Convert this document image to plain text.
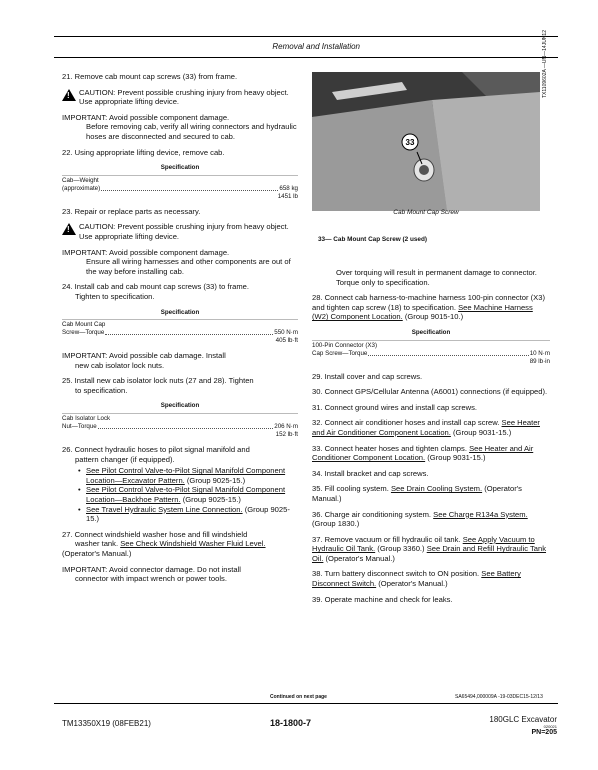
Removal and Installation
21. Remove cab mount cap screws (33) from frame.
!
CAUTION: Prevent possible crushing injury from heavy object. Use appropriate lifting device.
IMPORTANT: Avoid possible component damage.
Before removing cab, verify all wiring connectors and hydraulic hoses are disconnected and secured to cab.
22. Using appropriate lifting device, remove cab.
Specification
Cab—Weight
(approximate)	658 kg
1451 lb
23. Repair or replace parts as necessary.
!
CAUTION: Prevent possible crushing injury from heavy object. Use appropriate lifting device.
IMPORTANT: Avoid possible component damage.
Ensure all wiring harnesses and other components are out of the way before installing cab.
24. Install cab and cab mount cap screws (33) to frame.
Tighten to specification.
Specification
Cab Mount Cap
Screw—Torque	550 N·m
405 lb·ft
IMPORTANT: Avoid possible cab damage. Install
new cab isolator lock nuts.
25. Install new cab isolator lock nuts (27 and 28). Tighten
to specification.
Specification
Cab Isolator Lock
Nut—Torque	206 N·m
152 lb·ft
26. Connect hydraulic hoses to pilot signal manifold and
pattern changer (if equipped).
• See Pilot Control Valve-to-Pilot Signal Manifold Component Location—Excavator Pattern. (Group 9025-15.)
• See Pilot Control Valve-to-Pilot Signal Manifold Component Location—Backhoe Pattern. (Group 9025-15.)
• See Travel Hydraulic System Line Connection. (Group 9025-15.)
27. Connect windshield washer hose and fill windshield
washer tank. See Check Windshield Washer Fluid Level. (Operator's Manual.)
IMPORTANT: Avoid connector damage. Do not install
connector with impact wrench or power tools.
33
TX1109602A —UN—14JUN12
Cab Mount Cap Screw
33— Cab Mount Cap Screw (2 used)
Over torquing will result in permanent damage to connector. Torque only to specification.
28. Connect cab harness-to-machine harness 100-pin connector (X3) and tighten cap screw (18) to specification. See Machine Harness (W2) Component Location. (Group 9015-10.)
Specification
100-Pin Connector (X3)
Cap Screw—Torque	10 N·m
89 lb·in
29. Install cover and cap screws.
30. Connect GPS/Cellular Antenna (A6001) connections (if equipped).
31. Connect ground wires and install cap screws.
32. Connect air conditioner hoses and install cap screw. See Heater and Air Conditioner Component Location. (Group 9031-15.)
33. Connect heater hoses and tighten clamps. See Heater and Air Conditioner Component Location. (Group 9031-15.)
34. Install bracket and cap screws.
35. Fill cooling system. See Drain Cooling System. (Operator's Manual.)
36. Charge air conditioning system. See Charge R134a System. (Group 1830.)
37. Remove vacuum or fill hydraulic oil tank. See Apply Vacuum to Hydraulic Oil Tank. (Group 3360.) See Drain and Refill Hydraulic Tank Oil. (Operator's Manual.)
38. Turn battery disconnect switch to ON position. See Battery Disconnect Switch. (Operator's Manual.)
39. Operate machine and check for leaks.
Continued on next page	SA65494,000009A -19-03DEC15-12/13
TM13350X19 (08FEB21)	18-1800-7	180GLC Excavator
020021
PN=205
